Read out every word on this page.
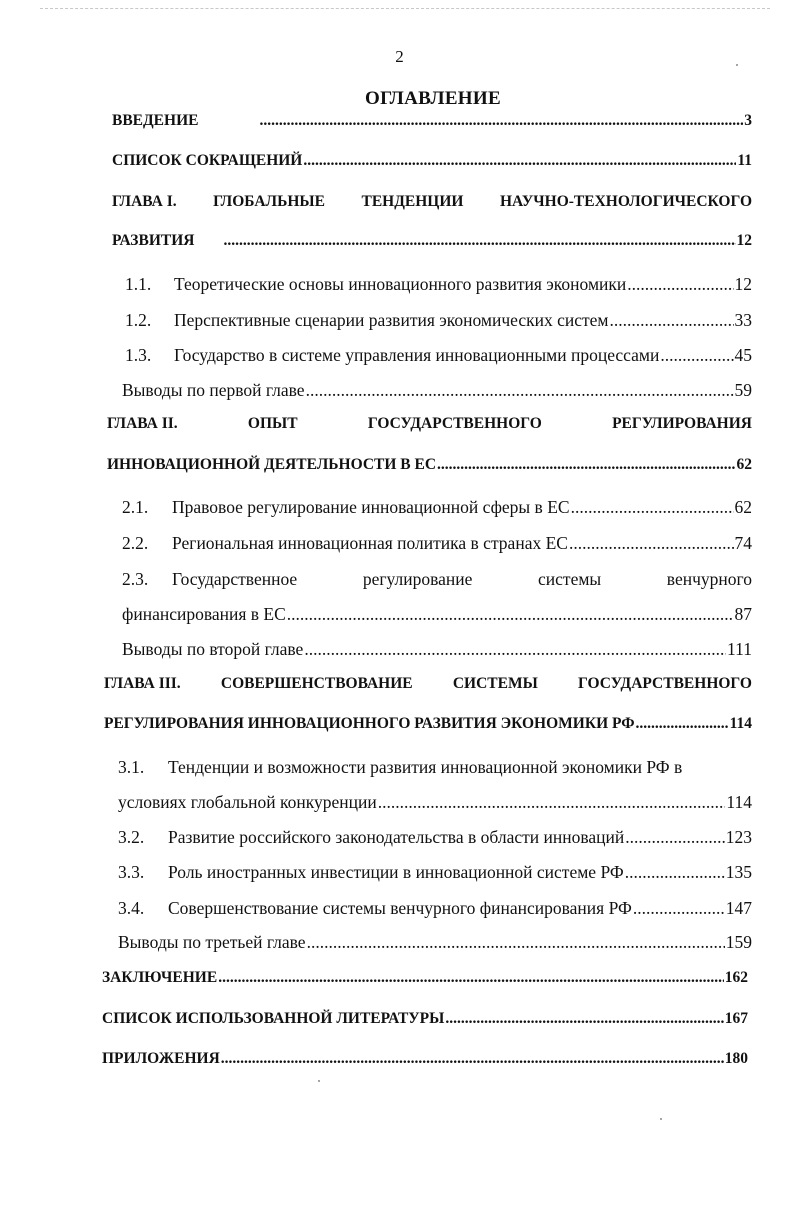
2
ОГЛАВЛЕНИЕ
ВВЕДЕНИЕ .....	3
СПИСОК СОКРАЩЕНИЙ .....	11
ГЛАВА I. ГЛОБАЛЬНЫЕ ТЕНДЕНЦИИ НАУЧНО-ТЕХНОЛОГИЧЕСКОГО
РАЗВИТИЯ .....	12
1.1. Теоретические основы инновационного развития экономики .....	12
1.2. Перспективные сценарии развития экономических систем .....	33
1.3. Государство в системе управления инновационными процессами .....	45
Выводы по первой главе .....	59
ГЛАВА II.	ОПЫТ	ГОСУДАРСТВЕННОГО	РЕГУЛИРОВАНИЯ
ИННОВАЦИОННОЙ ДЕЯТЕЛЬНОСТИ В ЕС .....	62
2.1. Правовое регулирование инновационной сферы в ЕС .....	62
2.2. Региональная инновационная политика в странах ЕС .....	74
2.3. Государственное	регулирование	системы	венчурного
финансирования в ЕС .....	87
Выводы по второй главе .....	111
ГЛАВА III.	СОВЕРШЕНСТВОВАНИЕ	СИСТЕМЫ	ГОСУДАРСТВЕННОГО
РЕГУЛИРОВАНИЯ ИННОВАЦИОННОГО РАЗВИТИЯ ЭКОНОМИКИ РФ .....	114
3.1. Тенденции и возможности развития инновационной экономики РФ в
условиях глобальной конкуренции .....	114
3.2. Развитие российского законодательства в области инноваций .....	123
3.3. Роль иностранных инвестиции в инновационной системе РФ .....	135
3.4. Совершенствование системы венчурного финансирования РФ .....	147
Выводы по третьей главе .....	159
ЗАКЛЮЧЕНИЕ .....	162
СПИСОК ИСПОЛЬЗОВАННОЙ ЛИТЕРАТУРЫ .....	167
ПРИЛОЖЕНИЯ .....	180
